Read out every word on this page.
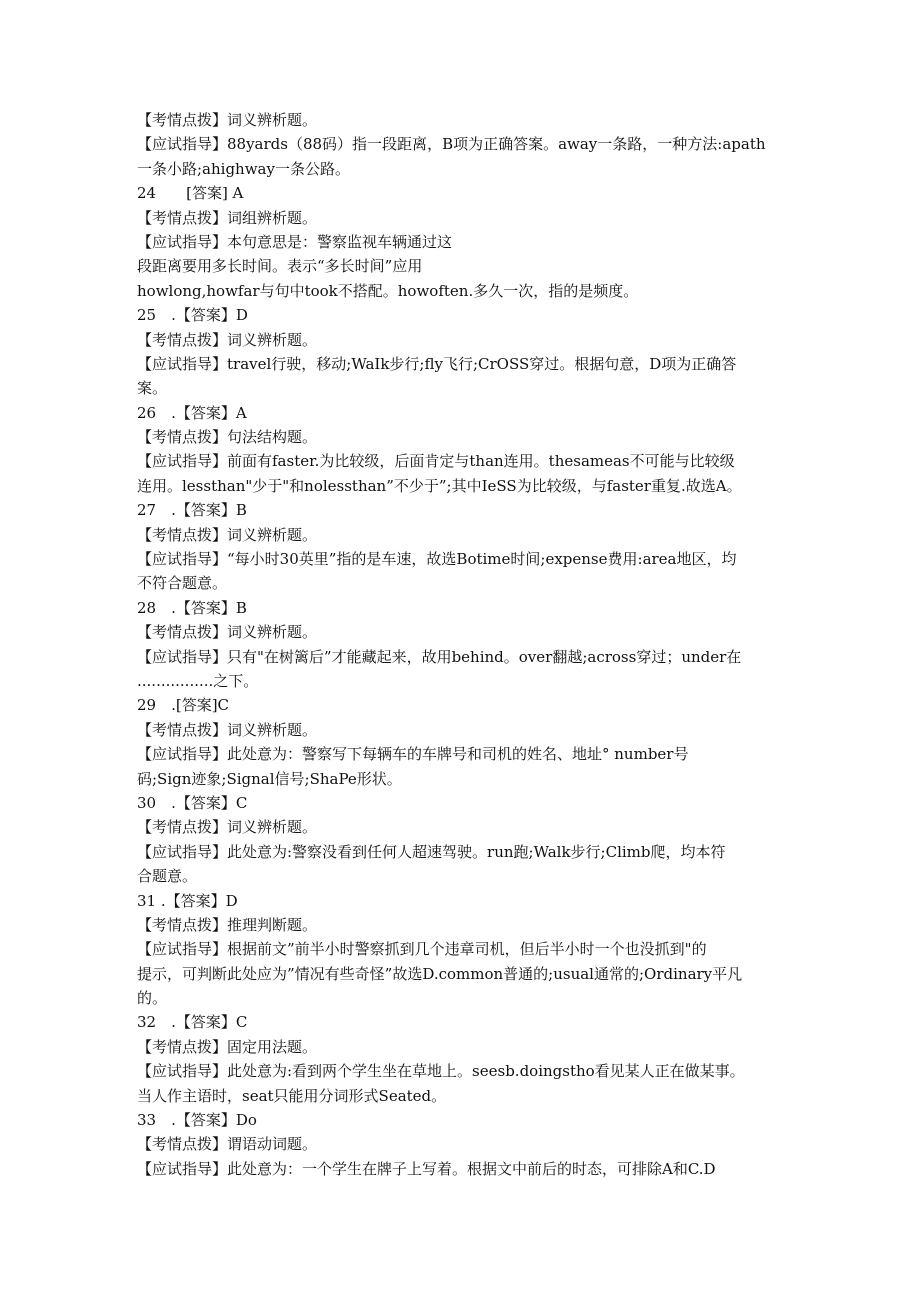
【考情点拨】词义辨析题。
【应试指导】88yards（88码）指一段距离，B项为正确答案。away一条路，一种方法:apath
一条小路;ahighway一条公路。
24　　[答案] A
【考情点拨】词组辨析题。
【应试指导】本句意思是：警察监视车辆通过这
段距离要用多长时间。表示“多长时间”应用
howlong,howfar与句中took不搭配。howoften.多久一次，指的是频度。
25　.【答案】D
【考情点拨】词义辨析题。
【应试指导】travel行驶，移动;WaIk步行;fly飞行;CrOSS穿过。根据句意，D项为正确答
案。
26　.【答案】A
【考情点拨】句法结构题。
【应试指导】前面有faster.为比较级，后面肯定与than连用。thesameas不可能与比较级
连用。lessthan"少于"和nolessthan”不少于”;其中IeSS为比较级，与faster重复.故选A。
27　.【答案】B
【考情点拨】词义辨析题。
【应试指导】“每小时30英里”指的是车速，故选Botime时间;expense费用:area地区，均
不符合题意。
28　.【答案】B
【考情点拨】词义辨析题。
【应试指导】只有"在树篱后”才能藏起来，故用behind。over翻越;across穿过；under在
................之下。
29　.[答案]C
【考情点拨】词义辨析题。
【应试指导】此处意为：警察写下每辆车的车牌号和司机的姓名、地址° number号
码;Sign迹象;Signal信号;ShaPe形状。
30　.【答案】C
【考情点拨】词义辨析题。
【应试指导】此处意为:警察没看到任何人超速驾驶。run跑;Walk步行;Climb爬，均本符
合题意。
31 .【答案】D
【考情点拨】推理判断题。
【应试指导】根据前文”前半小时警察抓到几个违章司机，但后半小时一个也没抓到"的
提示，可判断此处应为”情况有些奇怪”故选D.common普通的;usual通常的;Ordinary平凡
的。
32　.【答案】C
【考情点拨】固定用法题。
【应试指导】此处意为:看到两个学生坐在草地上。seesb.doingstho看见某人正在做某事。
当人作主语时，seat只能用分词形式Seated。
33　.【答案】Do
【考情点拨】谓语动词题。
【应试指导】此处意为：一个学生在牌子上写着。根据文中前后的时态，可排除A和C.D
